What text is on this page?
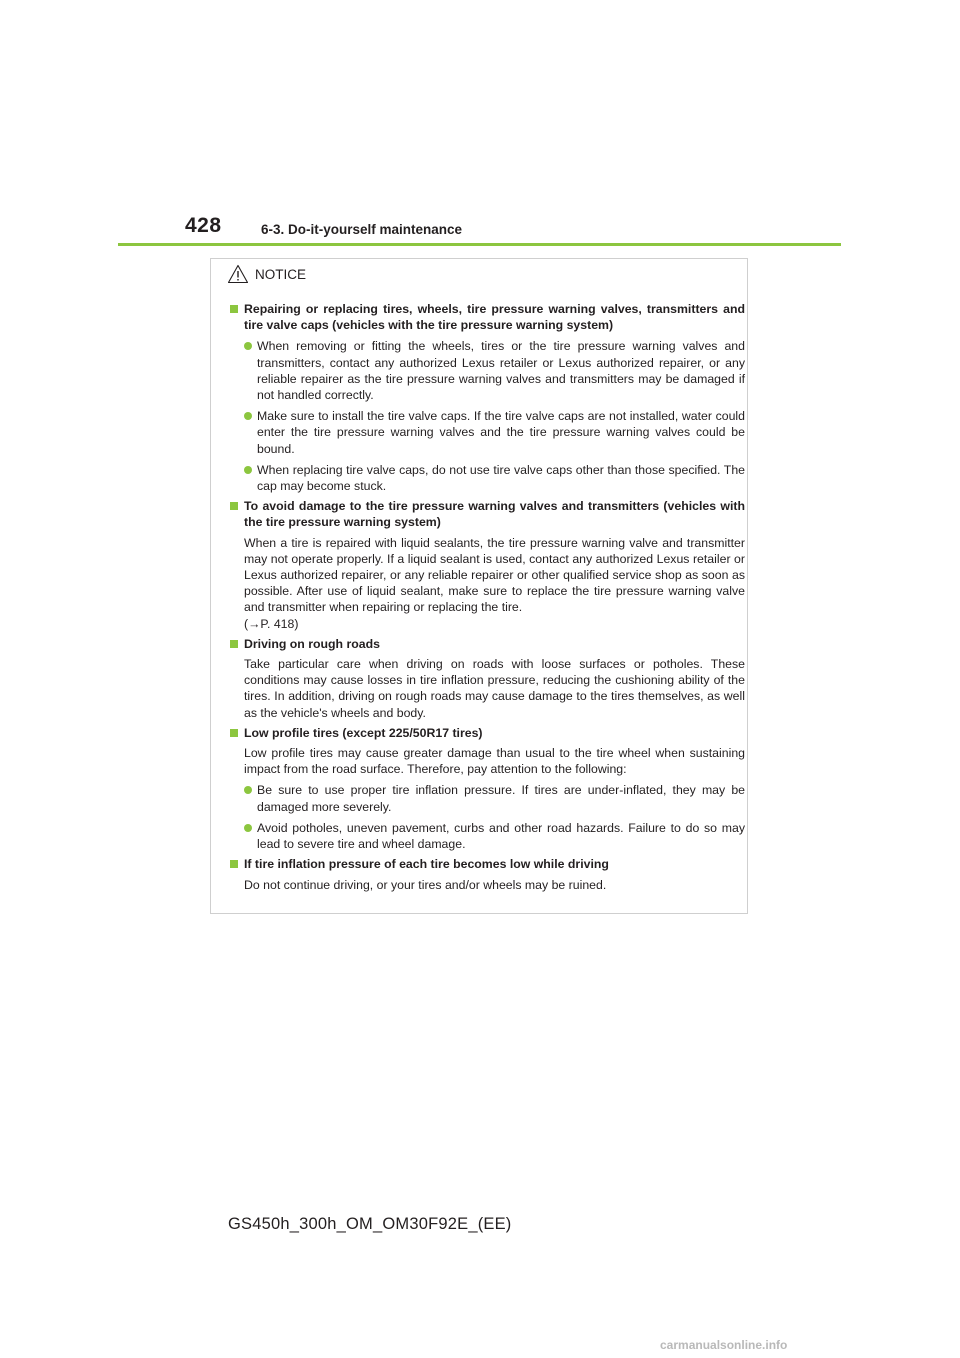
428	6-3. Do-it-yourself maintenance
NOTICE
Repairing or replacing tires, wheels, tire pressure warning valves, transmitters and tire valve caps (vehicles with the tire pressure warning system)
When removing or fitting the wheels, tires or the tire pressure warning valves and transmitters, contact any authorized Lexus retailer or Lexus authorized repairer, or any reliable repairer as the tire pressure warning valves and transmitters may be damaged if not handled correctly.
Make sure to install the tire valve caps. If the tire valve caps are not installed, water could enter the tire pressure warning valves and the tire pressure warning valves could be bound.
When replacing tire valve caps, do not use tire valve caps other than those specified. The cap may become stuck.
To avoid damage to the tire pressure warning valves and transmitters (vehicles with the tire pressure warning system)
When a tire is repaired with liquid sealants, the tire pressure warning valve and transmitter may not operate properly. If a liquid sealant is used, contact any authorized Lexus retailer or Lexus authorized repairer, or any reliable repairer or other qualified service shop as soon as possible. After use of liquid sealant, make sure to replace the tire pressure warning valve and transmitter when repairing or replacing the tire.
(→P. 418)
Driving on rough roads
Take particular care when driving on roads with loose surfaces or potholes. These conditions may cause losses in tire inflation pressure, reducing the cushioning ability of the tires. In addition, driving on rough roads may cause damage to the tires themselves, as well as the vehicle's wheels and body.
Low profile tires (except 225/50R17 tires)
Low profile tires may cause greater damage than usual to the tire wheel when sustaining impact from the road surface. Therefore, pay attention to the following:
Be sure to use proper tire inflation pressure. If tires are under-inflated, they may be damaged more severely.
Avoid potholes, uneven pavement, curbs and other road hazards. Failure to do so may lead to severe tire and wheel damage.
If tire inflation pressure of each tire becomes low while driving
Do not continue driving, or your tires and/or wheels may be ruined.
GS450h_300h_OM_OM30F92E_(EE)
carmanualsonline.info
